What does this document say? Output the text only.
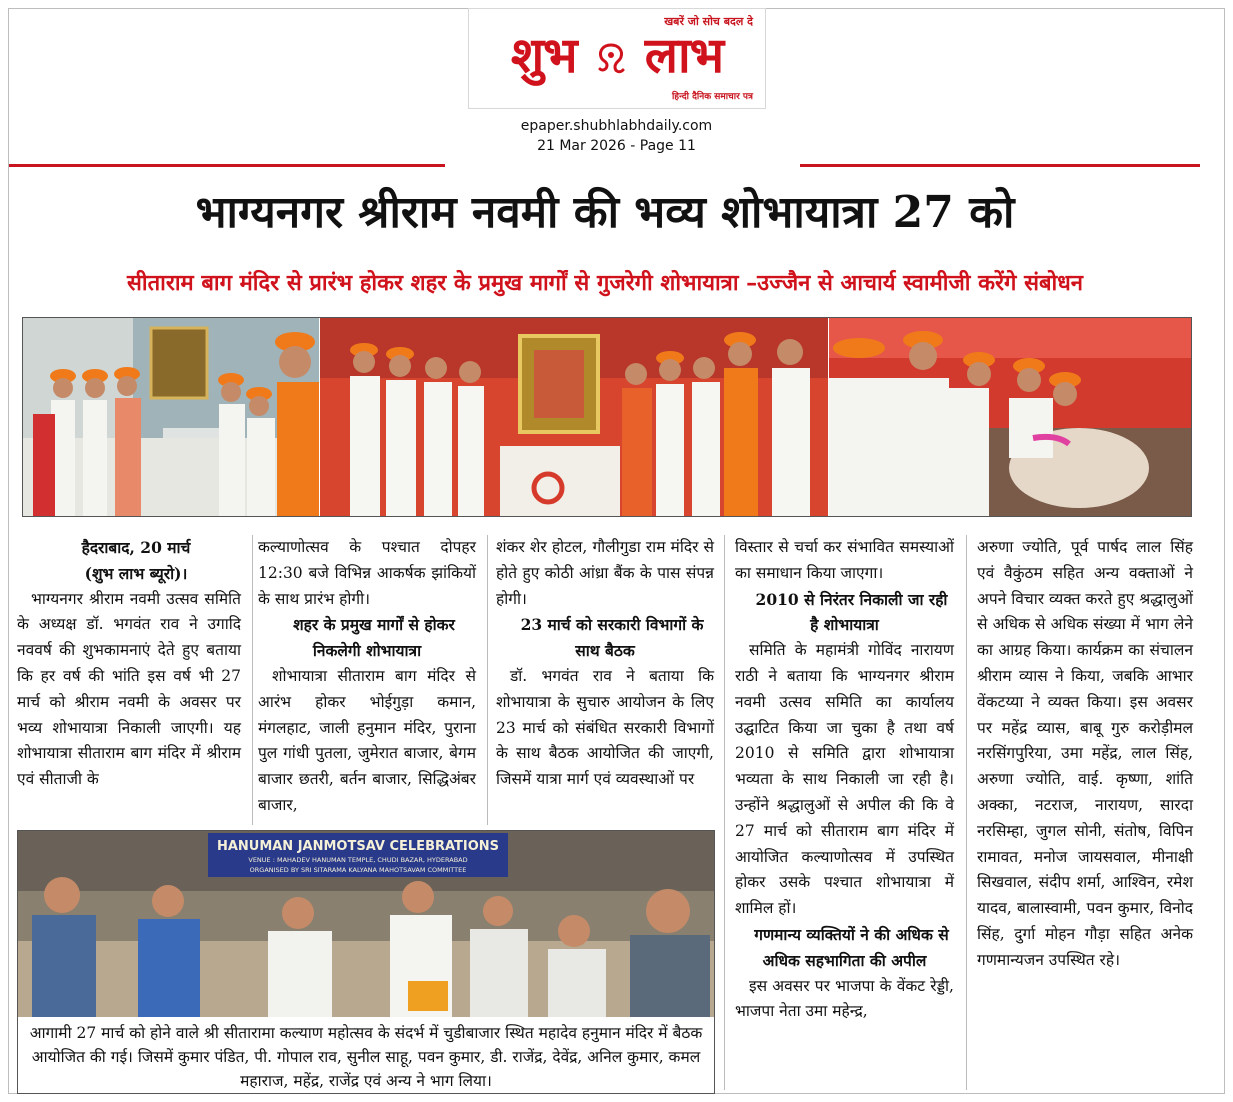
खबरें जो सोच बदल दे
शुभ लाभ
हिन्दी दैनिक समाचार पत्र
epaper.shubhlabhdaily.com
21 Mar 2026 - Page 11
भाग्यनगर श्रीराम नवमी की भव्य शोभायात्रा 27 को
सीताराम बाग मंदिर से प्रारंभ होकर शहर के प्रमुख मार्गों से गुजरेगी शोभायात्रा –उज्जैन से आचार्य स्वामीजी करेंगे संबोधन

हैदराबाद, 20 मार्च

(शुभ लाभ ब्यूरो)।

भाग्यनगर श्रीराम नवमी उत्सव समिति के अध्यक्ष डॉ. भगवंत राव ने उगादि नववर्ष की शुभकामनाएं देते हुए बताया कि हर वर्ष की भांति इस वर्ष भी 27 मार्च को श्रीराम नवमी के अवसर पर भव्य शोभायात्रा निकाली जाएगी। यह शोभायात्रा सीताराम बाग मंदिर में श्रीराम एवं सीताजी के

कल्याणोत्सव के पश्चात दोपहर 12:30 बजे विभिन्न आकर्षक झांकियों के साथ प्रारंभ होगी।

शहर के प्रमुख मार्गों से होकर निकलेगी शोभायात्रा

शोभायात्रा सीताराम बाग मंदिर से आरंभ होकर भोईगुड़ा कमान, मंगलहाट, जाली हनुमान मंदिर, पुराना पुल गांधी पुतला, जुमेरात बाजार, बेगम बाजार छतरी, बर्तन बाजार, सिद्धिअंबर बाजार,

शंकर शेर होटल, गौलीगुडा राम मंदिर से होते हुए कोठी आंध्रा बैंक के पास संपन्न होगी।

23 मार्च को सरकारी विभागों के साथ बैठक

डॉ. भगवंत राव ने बताया कि शोभायात्रा के सुचारु आयोजन के लिए 23 मार्च को संबंधित सरकारी विभागों के साथ बैठक आयोजित की जाएगी, जिसमें यात्रा मार्ग एवं व्यवस्थाओं पर

विस्तार से चर्चा कर संभावित समस्याओं का समाधान किया जाएगा।

2010 से निरंतर निकाली जा रही है शोभायात्रा

समिति के महामंत्री गोविंद नारायण राठी ने बताया कि भाग्यनगर श्रीराम नवमी उत्सव समिति का कार्यालय उद्घाटित किया जा चुका है तथा वर्ष 2010 से समिति द्वारा शोभायात्रा भव्यता के साथ निकाली जा रही है। उन्होंने श्रद्धालुओं से अपील की कि वे 27 मार्च को सीताराम बाग मंदिर में आयोजित कल्याणोत्सव में उपस्थित होकर उसके पश्चात शोभायात्रा में शामिल हों।

गणमान्य व्यक्तियों ने की अधिक से अधिक सहभागिता की अपील

इस अवसर पर भाजपा के वेंकट रेड्डी, भाजपा नेता उमा महेन्द्र,

अरुणा ज्योति, पूर्व पार्षद लाल सिंह एवं वैकुंठम सहित अन्य वक्ताओं ने अपने विचार व्यक्त करते हुए श्रद्धालुओं से अधिक से अधिक संख्या में भाग लेने का आग्रह किया। कार्यक्रम का संचालन श्रीराम व्यास ने किया, जबकि आभार वेंकटय्या ने व्यक्त किया। इस अवसर पर महेंद्र व्यास, बाबू गुरु करोड़ीमल नरसिंगपुरिया, उमा महेंद्र, लाल सिंह, अरुणा ज्योति, वाई. कृष्णा, शांति अक्का, नटराज, नारायण, सारदा नरसिम्हा, जुगल सोनी, संतोष, विपिन रामावत, मनोज जायसवाल, मीनाक्षी सिखवाल, संदीप शर्मा, आश्विन, रमेश यादव, बालास्वामी, पवन कुमार, विनोद सिंह, दुर्गा मोहन गौड़ा सहित अनेक गणमान्यजन उपस्थित रहे।

HANUMAN JANMOTSAV CELEBRATIONS
VENUE : MAHADEV HANUMAN TEMPLE, CHUDI BAZAR, HYDERABAD
ORGANISED BY SRI SITARAMA KALYANA MAHOTSAVAM COMMITTEE
आगामी 27 मार्च को होने वाले श्री सीतारामा कल्याण महोत्सव के संदर्भ में चुडीबाजार स्थित महादेव हनुमान मंदिर में बैठक आयोजित की गई। जिसमें कुमार पंडित, पी. गोपाल राव, सुनील साहू, पवन कुमार, डी. राजेंद्र, देवेंद्र, अनिल कुमार, कमल महाराज, महेंद्र, राजेंद्र एवं अन्य ने भाग लिया।
